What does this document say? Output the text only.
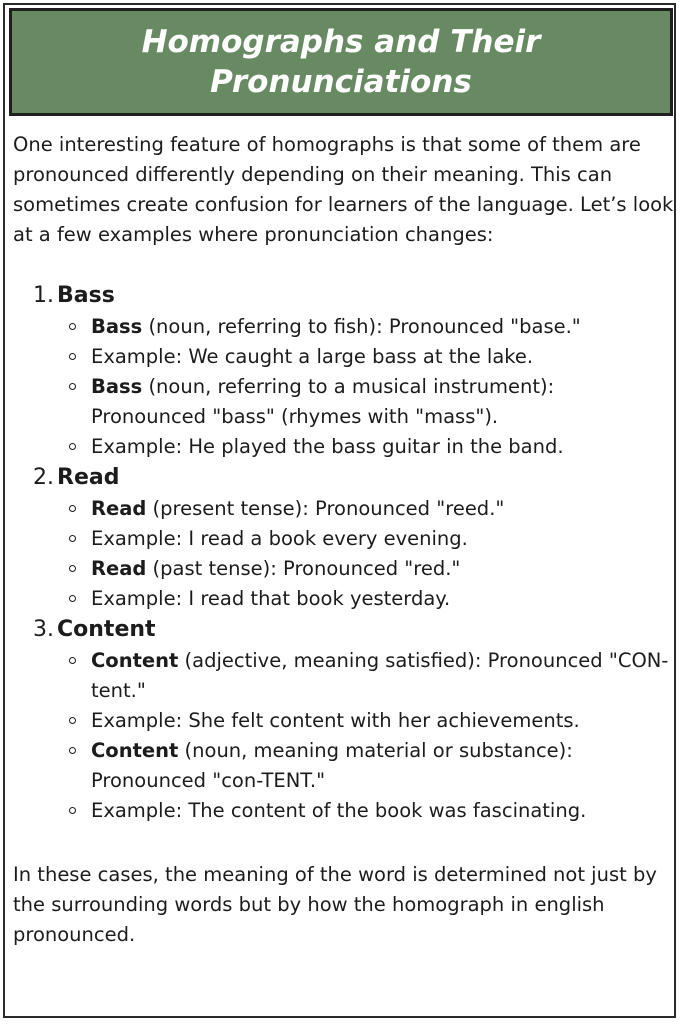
Homographs and Their Pronunciations

One interesting feature of homographs is that some of them are pronounced differently depending on their meaning. This can sometimes create confusion for learners of the language. Let’s look at a few examples where pronunciation changes:

1. Bass
Bass (noun, referring to fish): Pronounced "base."
Example: We caught a large bass at the lake.
Bass (noun, referring to a musical instrument): Pronounced "bass" (rhymes with "mass").
Example: He played the bass guitar in the band.
2. Read
Read (present tense): Pronounced "reed."
Example: I read a book every evening.
Read (past tense): Pronounced "red."
Example: I read that book yesterday.
3. Content
Content (adjective, meaning satisfied): Pronounced "CON-tent."
Example: She felt content with her achievements.
Content (noun, meaning material or substance): Pronounced "con-TENT."
Example: The content of the book was fascinating.

In these cases, the meaning of the word is determined not just by the surrounding words but by how the homograph in english pronounced.
